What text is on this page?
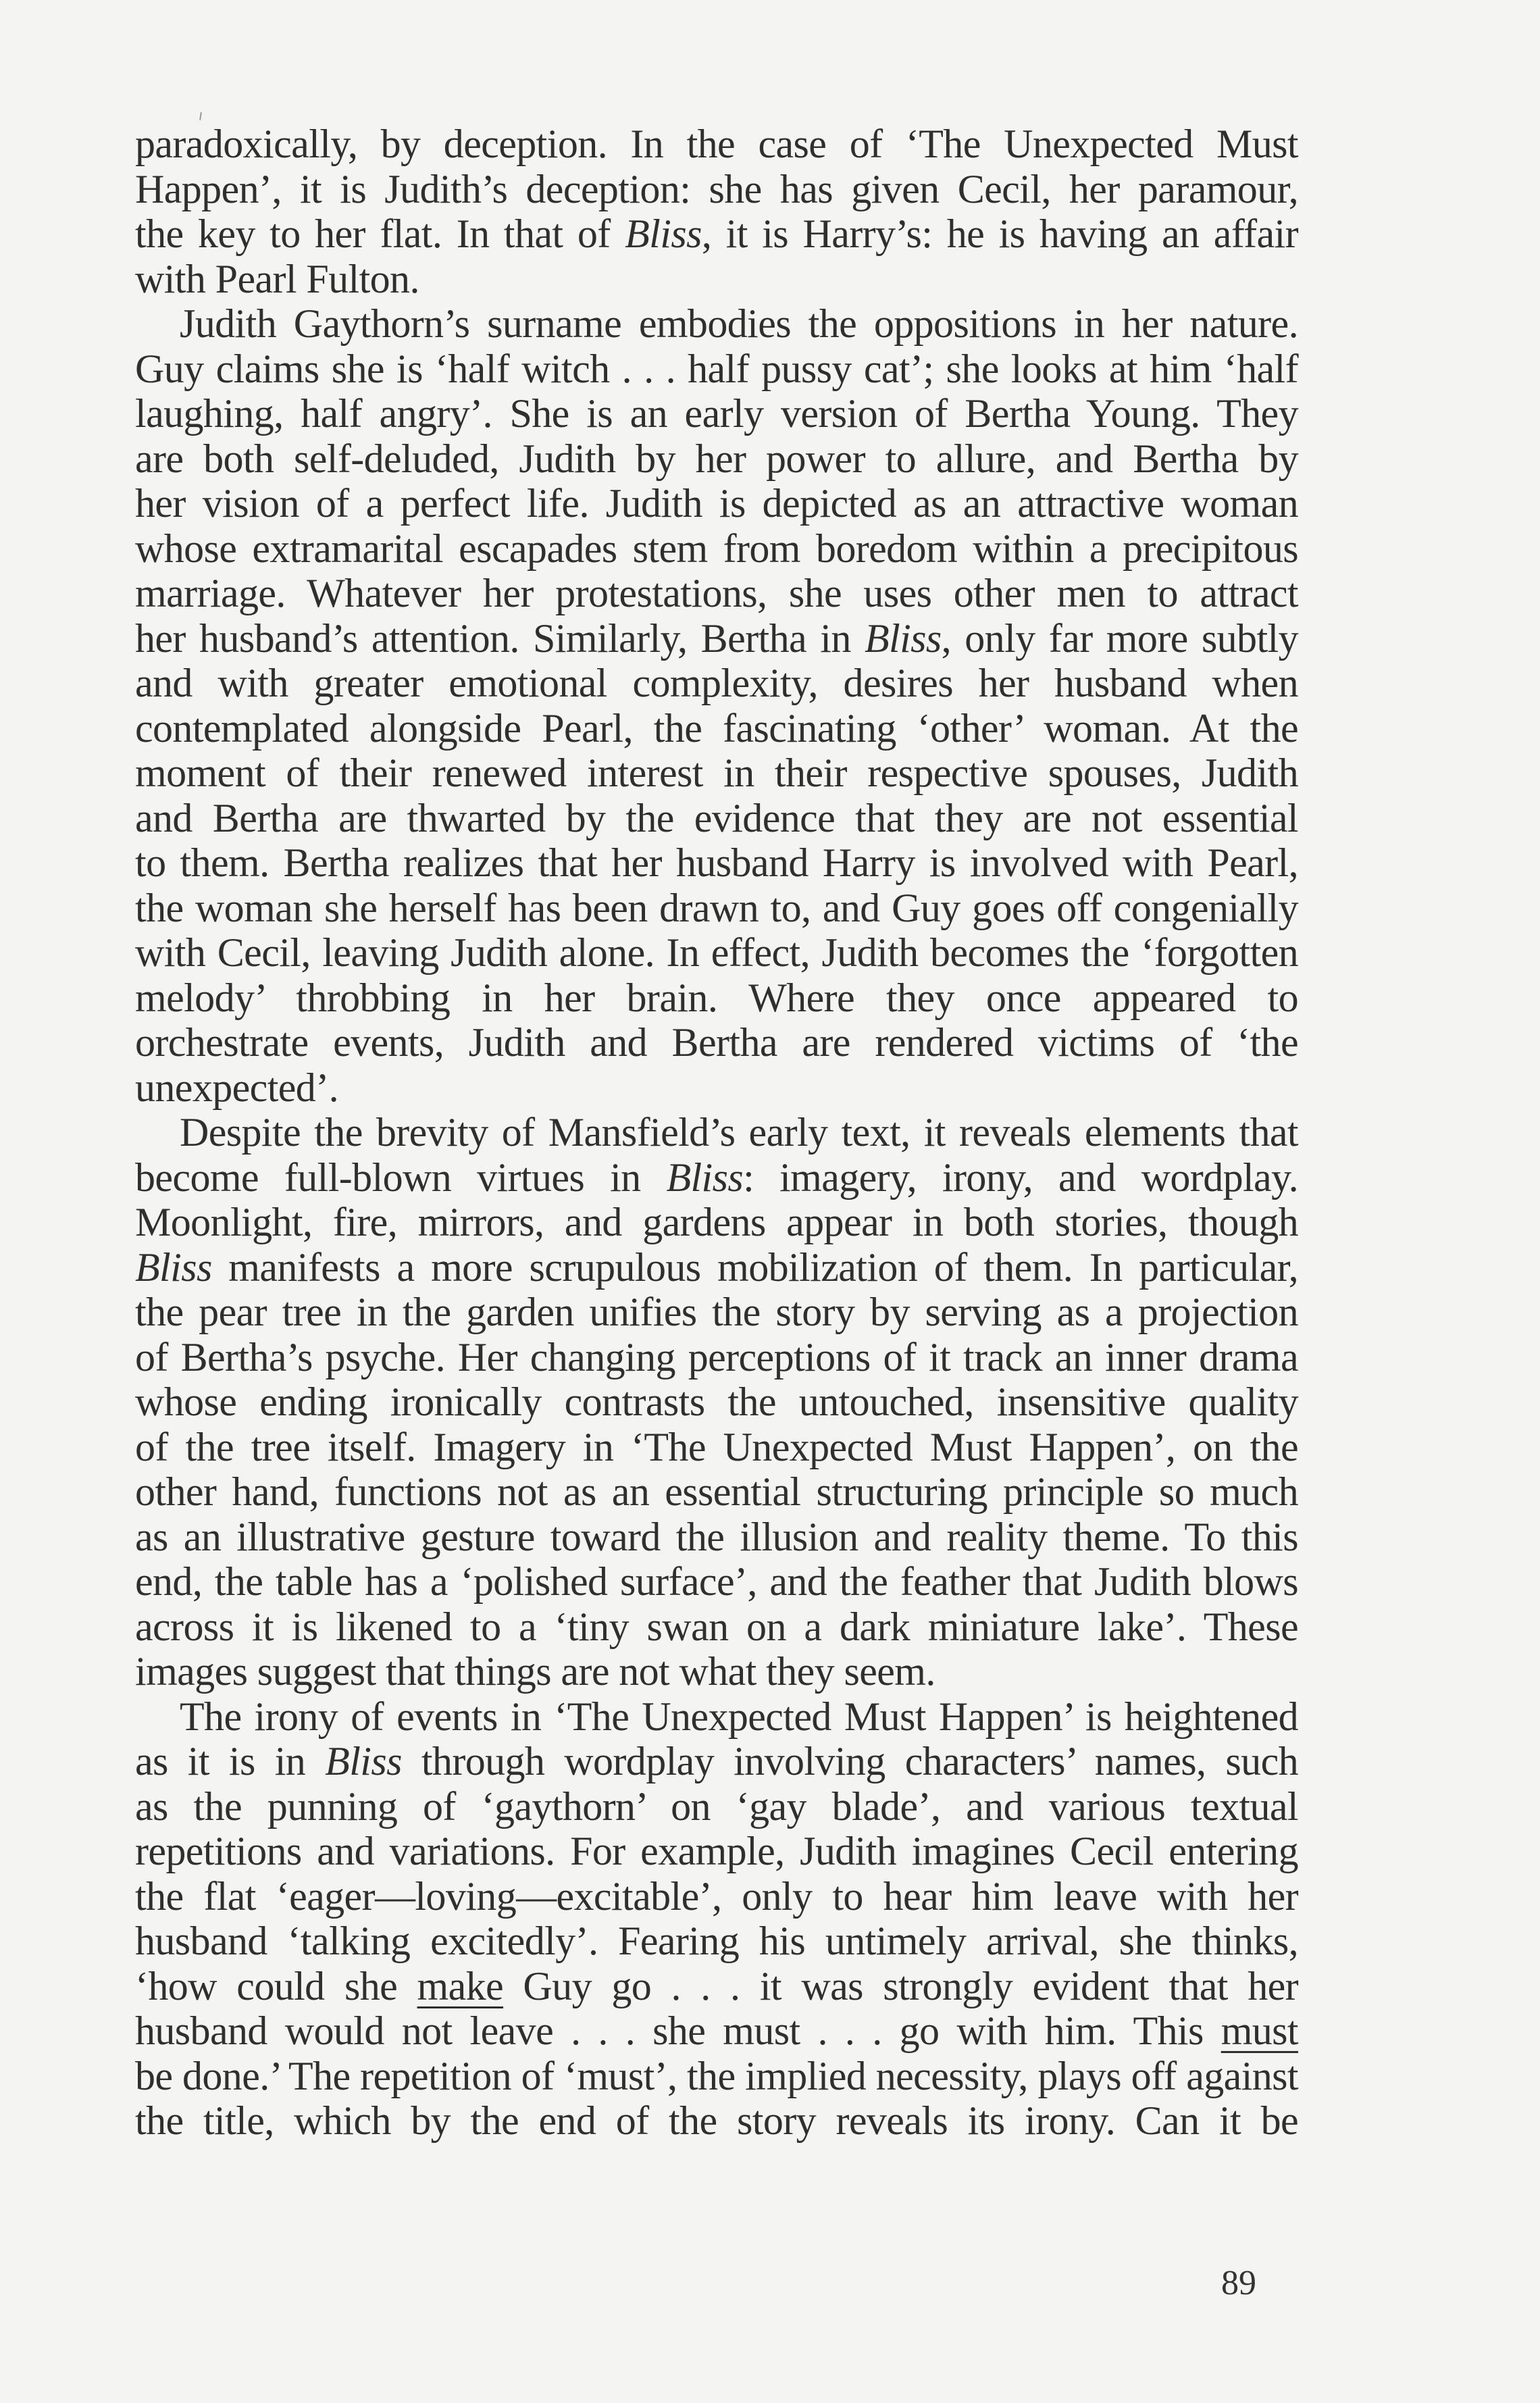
paradoxically, by deception. In the case of ‘The Unexpected Must
Happen’, it is Judith’s deception: she has given Cecil, her paramour,
the key to her flat. In that of Bliss, it is Harry’s: he is having an affair
with Pearl Fulton.
Judith Gaythorn’s surname embodies the oppositions in her nature.
Guy claims she is ‘half witch . . . half pussy cat’; she looks at him ‘half
laughing, half angry’. She is an early version of Bertha Young. They
are both self-deluded, Judith by her power to allure, and Bertha by
her vision of a perfect life. Judith is depicted as an attractive woman
whose extramarital escapades stem from boredom within a precipitous
marriage. Whatever her protestations, she uses other men to attract
her husband’s attention. Similarly, Bertha in Bliss, only far more subtly
and with greater emotional complexity, desires her husband when
contemplated alongside Pearl, the fascinating ‘other’ woman. At the
moment of their renewed interest in their respective spouses, Judith
and Bertha are thwarted by the evidence that they are not essential
to them. Bertha realizes that her husband Harry is involved with Pearl,
the woman she herself has been drawn to, and Guy goes off congenially
with Cecil, leaving Judith alone. In effect, Judith becomes the ‘forgotten
melody’ throbbing in her brain. Where they once appeared to
orchestrate events, Judith and Bertha are rendered victims of ‘the
unexpected’.
Despite the brevity of Mansfield’s early text, it reveals elements that
become full-blown virtues in Bliss: imagery, irony, and wordplay.
Moonlight, fire, mirrors, and gardens appear in both stories, though
Bliss manifests a more scrupulous mobilization of them. In particular,
the pear tree in the garden unifies the story by serving as a projection
of Bertha’s psyche. Her changing perceptions of it track an inner drama
whose ending ironically contrasts the untouched, insensitive quality
of the tree itself. Imagery in ‘The Unexpected Must Happen’, on the
other hand, functions not as an essential structuring principle so much
as an illustrative gesture toward the illusion and reality theme. To this
end, the table has a ‘polished surface’, and the feather that Judith blows
across it is likened to a ‘tiny swan on a dark miniature lake’. These
images suggest that things are not what they seem.
The irony of events in ‘The Unexpected Must Happen’ is heightened
as it is in Bliss through wordplay involving characters’ names, such
as the punning of ‘gaythorn’ on ‘gay blade’, and various textual
repetitions and variations. For example, Judith imagines Cecil entering
the flat ‘eager—loving—excitable’, only to hear him leave with her
husband ‘talking excitedly’. Fearing his untimely arrival, she thinks,
‘how could she make Guy go . . . it was strongly evident that her
husband would not leave . . . she must . . . go with him. This must
be done.’ The repetition of ‘must’, the implied necessity, plays off against
the title, which by the end of the story reveals its irony. Can it be
89
